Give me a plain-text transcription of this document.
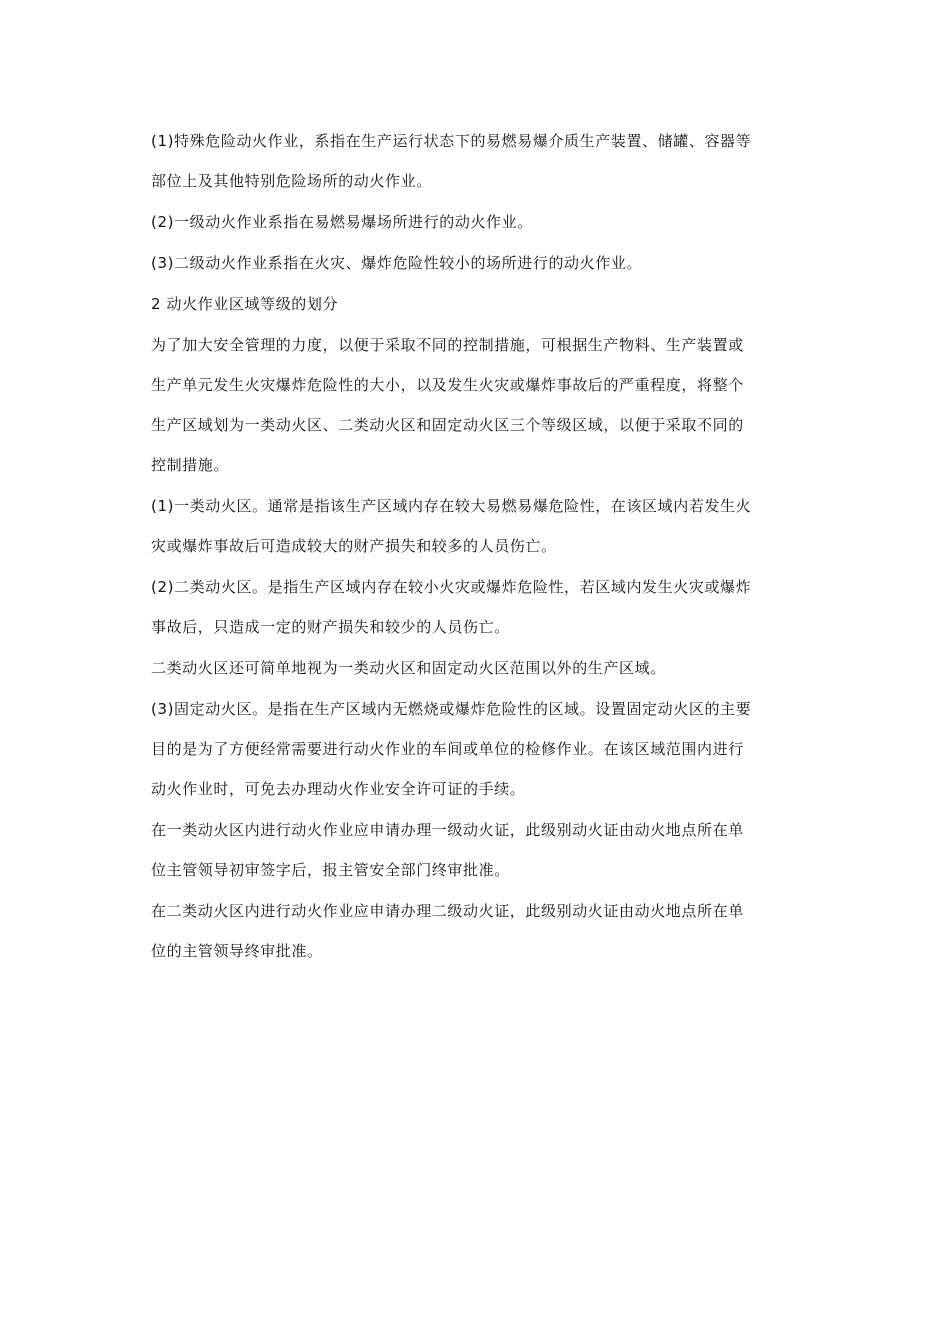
(1)特殊危险动火作业，系指在生产运行状态下的易燃易爆介质生产装置、储罐、容器等
部位上及其他特别危险场所的动火作业。

(2)一级动火作业系指在易燃易爆场所进行的动火作业。

(3)二级动火作业系指在火灾、爆炸危险性较小的场所进行的动火作业。

2 动火作业区域等级的划分

为了加大安全管理的力度，以便于采取不同的控制措施，可根据生产物料、生产装置或
生产单元发生火灾爆炸危险性的大小，以及发生火灾或爆炸事故后的严重程度，将整个
生产区域划为一类动火区、二类动火区和固定动火区三个等级区域，以便于采取不同的
控制措施。

(1)一类动火区。通常是指该生产区域内存在较大易燃易爆危险性，在该区域内若发生火
灾或爆炸事故后可造成较大的财产损失和较多的人员伤亡。

(2)二类动火区。是指生产区域内存在较小火灾或爆炸危险性，若区域内发生火灾或爆炸
事故后，只造成一定的财产损失和较少的人员伤亡。

二类动火区还可简单地视为一类动火区和固定动火区范围以外的生产区域。

(3)固定动火区。是指在生产区域内无燃烧或爆炸危险性的区域。设置固定动火区的主要
目的是为了方便经常需要进行动火作业的车间或单位的检修作业。在该区域范围内进行
动火作业时，可免去办理动火作业安全许可证的手续。

在一类动火区内进行动火作业应申请办理一级动火证，此级别动火证由动火地点所在单
位主管领导初审签字后，报主管安全部门终审批准。

在二类动火区内进行动火作业应申请办理二级动火证，此级别动火证由动火地点所在单
位的主管领导终审批准。
